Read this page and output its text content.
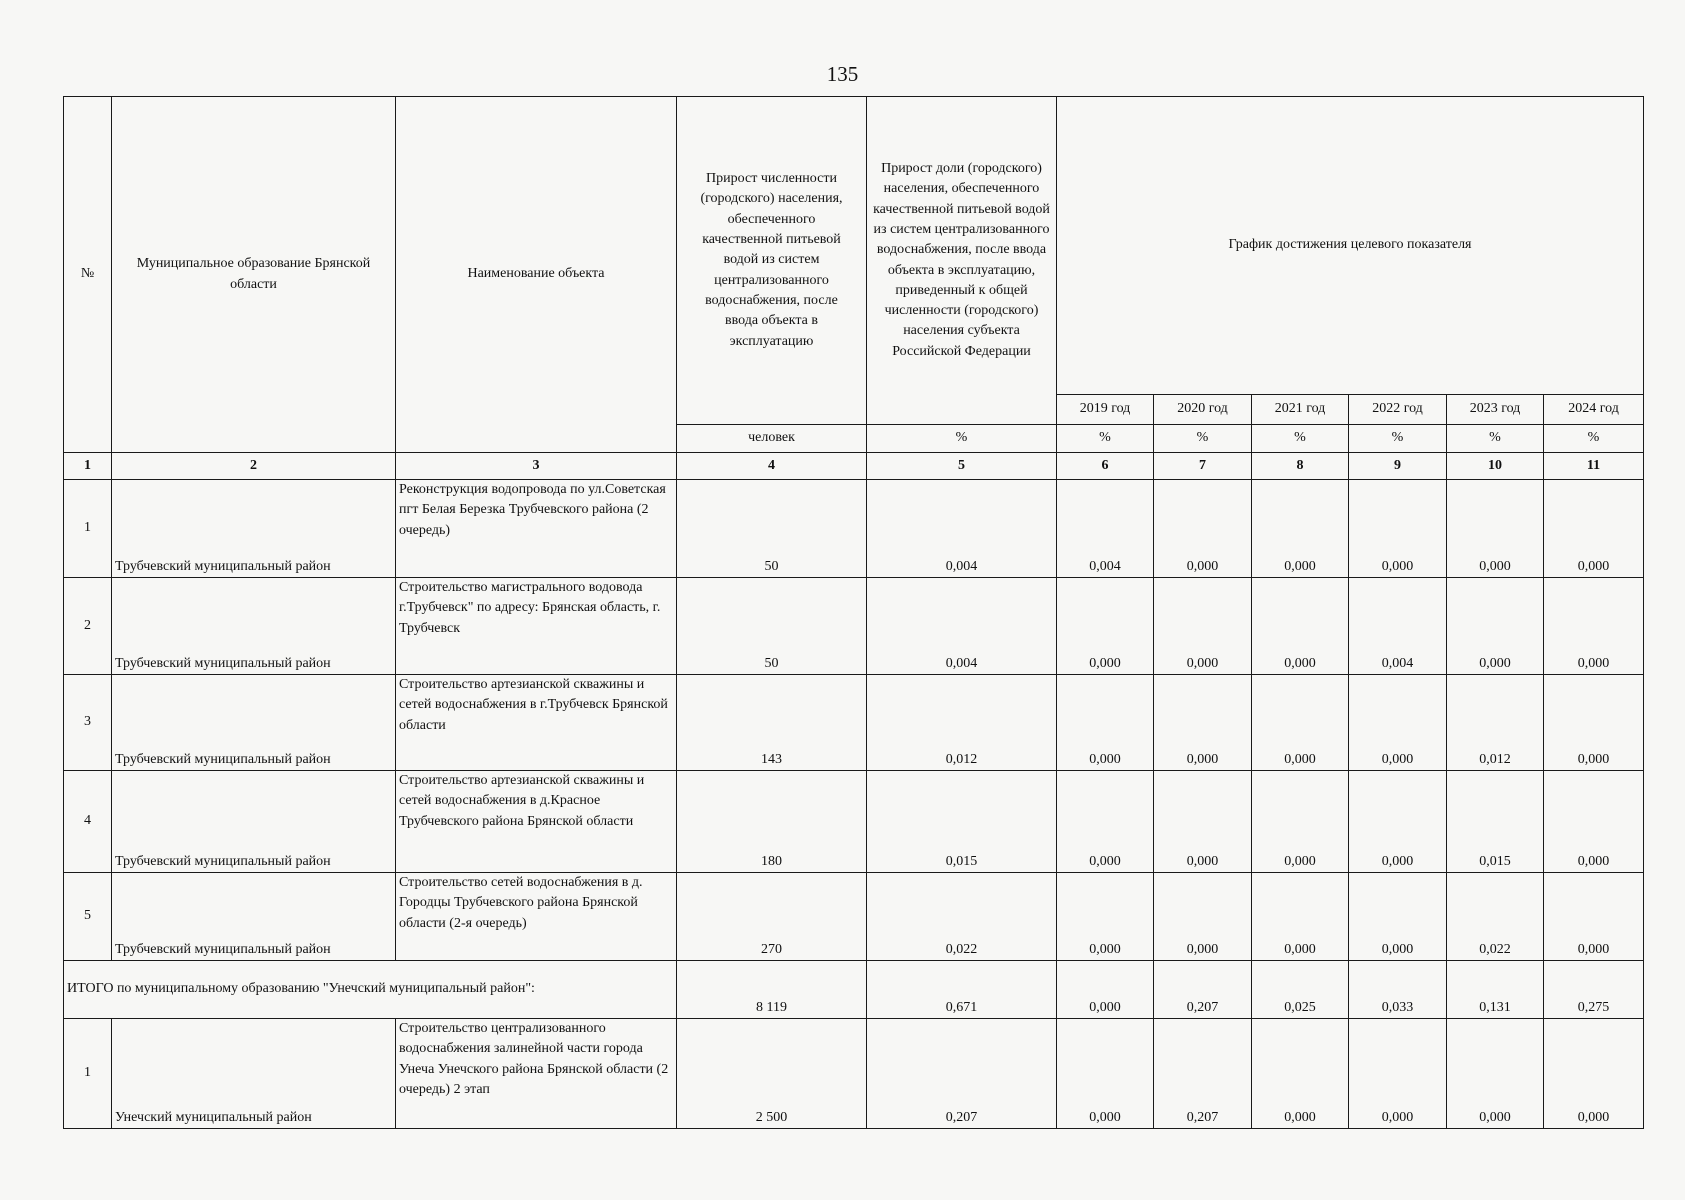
135
№	Муниципальное образование Брянской области	Наименование объекта	Прирост численности (городского) населения, обеспеченного качественной питьевой водой из систем централизованного водоснабжения, после ввода объекта в эксплуатацию	Прирост доли (городского) населения, обеспеченного качественной питьевой водой из систем централизованного водоснабжения, после ввода объекта в эксплуатацию, приведенный к общей численности (городского) населения субъекта Российской Федерации	График достижения целевого показателя					
					2019 год	2020 год	2021 год	2022 год	2023 год	2024 год
			человек	%	%	%	%	%	%	%
1	2	3	4	5	6	7	8	9	10	11
1	Трубчевский муниципальный район	Реконструкция водопровода по ул.Советская пгт Белая Березка Трубчевского района (2 очередь)	50	0,004	0,004	0,000	0,000	0,000	0,000	0,000
2	Трубчевский муниципальный район	Строительство магистрального водовода г.Трубчевск" по адресу: Брянская область, г. Трубчевск	50	0,004	0,000	0,000	0,000	0,004	0,000	0,000
3	Трубчевский муниципальный район	Строительство артезианской скважины и сетей водоснабжения в г.Трубчевск Брянской области	143	0,012	0,000	0,000	0,000	0,000	0,012	0,000
4	Трубчевский муниципальный район	Строительство артезианской скважины и сетей водоснабжения в д.Красное Трубчевского района Брянской области	180	0,015	0,000	0,000	0,000	0,000	0,015	0,000
5	Трубчевский муниципальный район	Строительство сетей водоснабжения в д. Городцы Трубчевского района Брянской области (2-я очередь)	270	0,022	0,000	0,000	0,000	0,000	0,022	0,000
ИТОГО по муниципальному образованию "Унечский муниципальный район":			8 119	0,671	0,000	0,207	0,025	0,033	0,131	0,275
1	Унечский муниципальный район	Строительство централизованного водоснабжения залинейной части города Унеча Унечского района Брянской области (2 очередь) 2 этап	2 500	0,207	0,000	0,207	0,000	0,000	0,000	0,000
